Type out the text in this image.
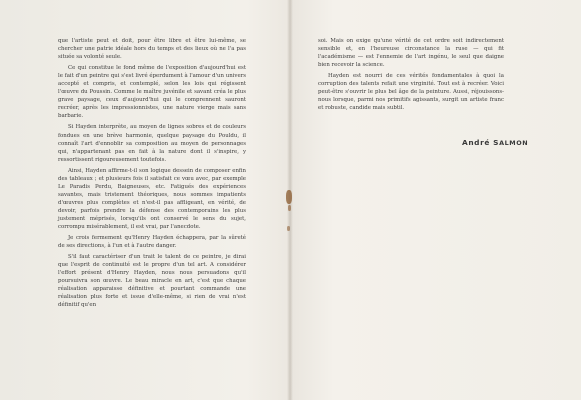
que l'artiste peut et doit, pour être libre et être lui-même, se chercher une patrie idéale hors du temps et des lieux où ne l'a pas située sa volonté seule.

Ce qui constitue le fond même de l'exposition d'aujourd'hui est le fait d'un peintre qui s'est livré éperdument à l'amour d'un univers accepté et compris, et contemplé, selon les lois qui régissent l'œuvre du Poussin. Comme le maître juvénile et savant créa le plus grave paysage, ceux d'aujourd'hui qui le comprennent sauront recréer, après les impressionnistes, une nature vierge mais sans barbarie.

Si Hayden interprète, au moyen de lignes sobres et de couleurs fondues en une brève harmonie, quelque paysage du Pouldu, il connaît l'art d'ennoblir sa composition au moyen de personnages qui, n'appartenant pas en fait à la nature dont il s'inspire, y ressortissent rigoureusement toutefois.

Ainsi, Hayden affirme-t-il son logique dessein de composer enfin des tableaux ; et plusieurs fois il satisfait ce vœu avec, par exemple Le Paradis Perdu, Baigneuses, etc. Fatigués des expériences savantes, mais tristement théoriques, nous sommes impatients d'œuvres plus complètes et n'est-il pas affligeant, en vérité, de devoir, parfois prendre la défense des contemporains les plus justement méprisés, lorsqu'ils ont conservé le sens du sujet, corrompu misérablement, il est vrai, par l'anecdote.

Je crois fermement qu'Henry Hayden échappera, par la sûreté de ses directions, à l'un et à l'autre danger.

S'il faut caractériser d'un trait le talent de ce peintre, je dirai que l'esprit de continuité est le propre d'un tel art. A considérer l'effort présent d'Henry Hayden, nous nous persuadons qu'il poursuivra son œuvre. Le beau miracle en art, c'est que chaque réalisation apparaisse définitive et pourtant commande une réalisation plus forte et issue d'elle-même, si rien de vrai n'est définitif qu'en

soi. Mais on exige qu'une vérité de cet ordre soit indirectement sensible et, en l'heureuse circonstance la ruse — qui fit l'académisme — est l'ennemie de l'art ingénu, le seul que daigne bien recevoir la science.

Hayden est nourri de ces vérités fondamentales à quoi la corruption des talents refait une virginité. Tout est à recréer. Voici peut-être s'ouvrir le plus bel âge de la peinture. Aussi, réjouissons-nous lorsque, parmi nos primitifs agissants, surgit un artiste franc et robuste, candide mais subtil.

André SALMON
